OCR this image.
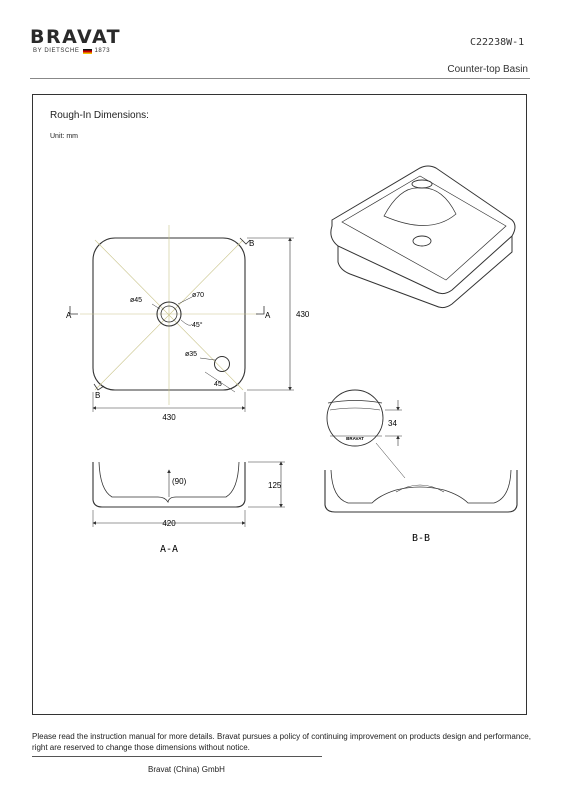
BRAVAT
BY DIETSCHE	1873
C22238W-1
Counter-top Basin
Rough-In Dimensions:
Unit: mm
430
430
ø45
ø70
45°
ø35
45
A	A
B
B
(90)	125
420
A-A
34
BRAVAT
B-B
Please read the instruction manual for more details. Bravat pursues a policy of continuing improvement on products design and performance, right are reserved to change those dimensions without notice.
Bravat (China) GmbH
